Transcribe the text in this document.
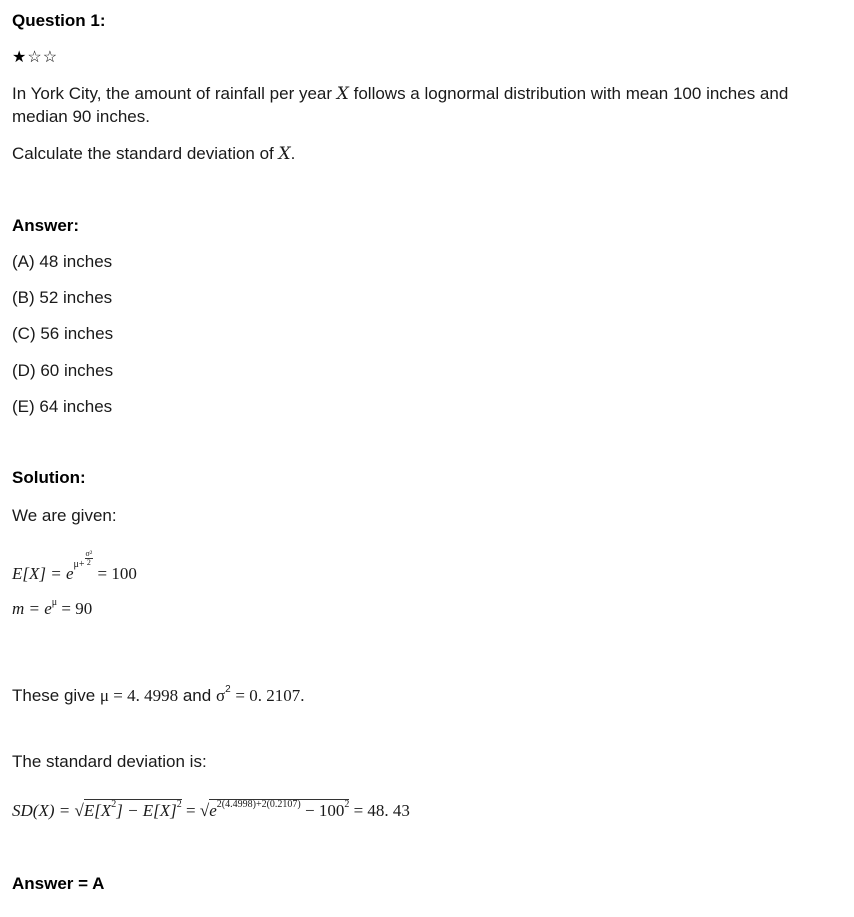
Question 1:
★☆☆
In York City, the amount of rainfall per year X follows a lognormal distribution with mean 100 inches and
median 90 inches.
Calculate the standard deviation of X.
Answer:
(A) 48 inches
(B) 52 inches
(C) 56 inches
(D) 60 inches
(E) 64 inches
Solution:
We are given:
$E[X] = e\mu+ \frac{\text{σ²}}{2}$
= 100
$m = e^\mu = 90$
These give μ = 4. 4998 and $\sigma^2 = 0$. 2107.
The standard deviation is:
$SD(X) = √E[X^2] - E[X]^2 = √e^{2(4.4998)+2(0.2107)} - 100^2 = 48$. 43
Answer = A
